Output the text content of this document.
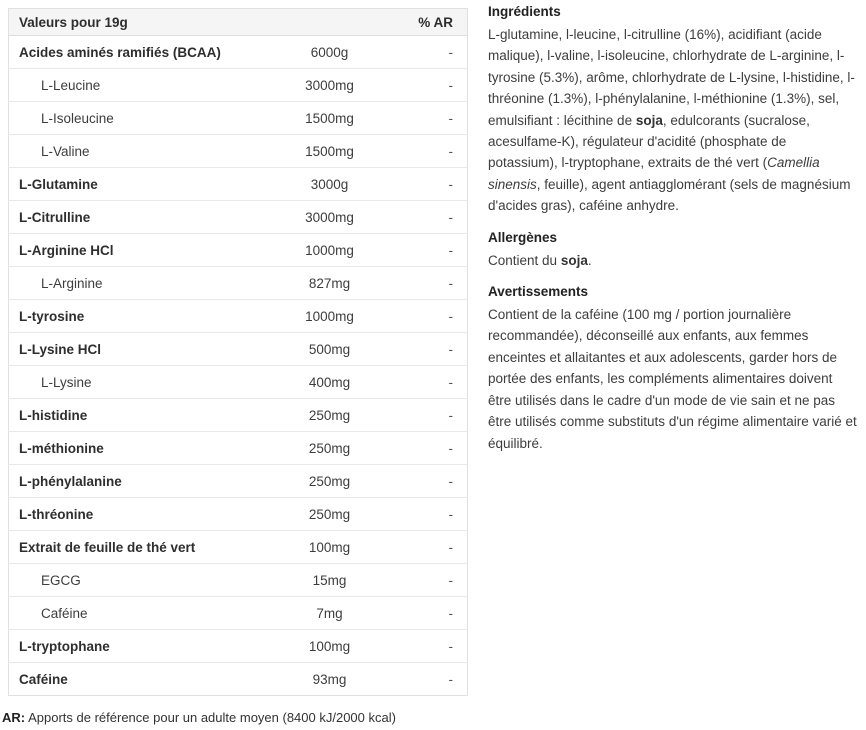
Valeurs pour 19g		% AR
Acides aminés ramifiés (BCAA)	6000g	-
L-Leucine	3000mg	-
L-Isoleucine	1500mg	-
L-Valine	1500mg	-
L-Glutamine	3000g	-
L-Citrulline	3000mg	-
L-Arginine HCl	1000mg	-
L-Arginine	827mg	-
L-tyrosine	1000mg	-
L-Lysine HCl	500mg	-
L-Lysine	400mg	-
L-histidine	250mg	-
L-méthionine	250mg	-
L-phénylalanine	250mg	-
L-thréonine	250mg	-
Extrait de feuille de thé vert	100mg	-
EGCG	15mg	-
Caféine	7mg	-
L-tryptophane	100mg	-
Caféine	93mg	-

AR: Apports de référence pour un adulte moyen (8400 kJ/2000 kcal)

Ingrédients

L-glutamine, l-leucine, l-citrulline (16%), acidifiant (acide malique), l-valine, l-isoleucine, chlorhydrate de L-arginine, l-tyrosine (5.3%), arôme, chlorhydrate de L-lysine, l-histidine, l-thréonine (1.3%), l-phénylalanine, l-méthionine (1.3%), sel, emulsifiant : lécithine de soja, edulcorants (sucralose, acesulfame-K), régulateur d'acidité (phosphate de potassium), l-tryptophane, extraits de thé vert (Camellia sinensis, feuille), agent antiagglomérant (sels de magnésium d'acides gras), caféine anhydre.

Allergènes

Contient du soja.

Avertissements

Contient de la caféine (100 mg / portion journalière recommandée), déconseillé aux enfants, aux femmes enceintes et allaitantes et aux adolescents, garder hors de portée des enfants, les compléments alimentaires doivent être utilisés dans le cadre d'un mode de vie sain et ne pas être utilisés comme substituts d'un régime alimentaire varié et équilibré.
